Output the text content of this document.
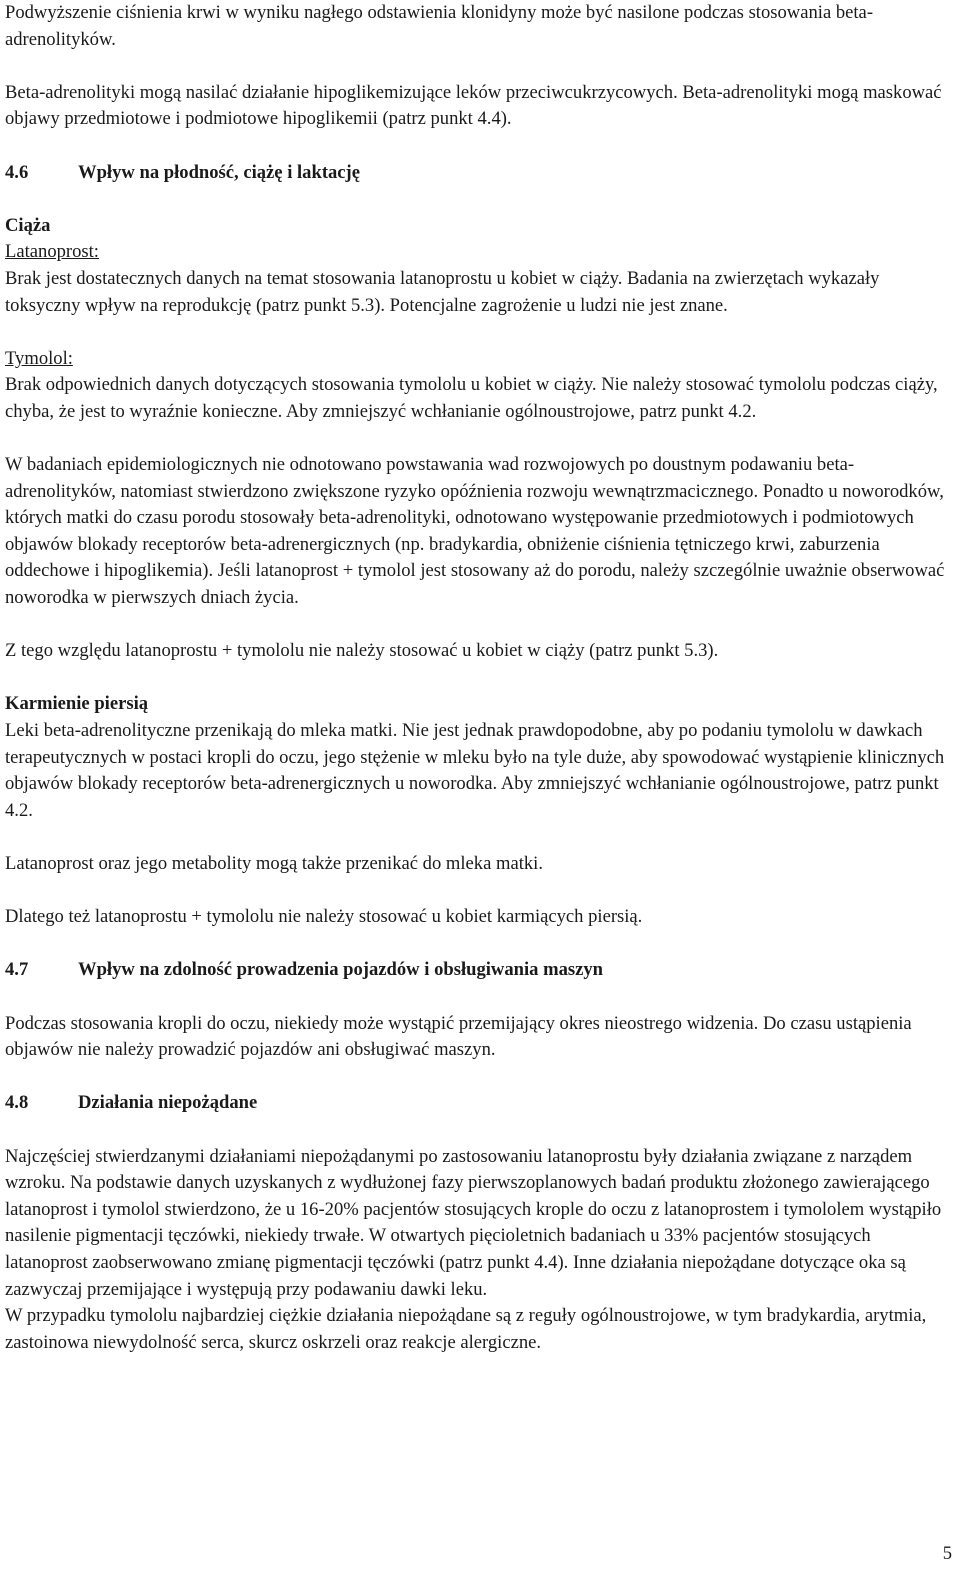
Podwyższenie ciśnienia krwi w wyniku nagłego odstawienia klonidyny może być nasilone podczas stosowania beta-adrenolityków.

Beta-adrenolityki mogą nasilać działanie hipoglikemizujące leków przeciwcukrzycowych. Beta-adrenolityki mogą maskować objawy przedmiotowe i podmiotowe hipoglikemii (patrz punkt 4.4).

4.6	Wpływ na płodność, ciążę i laktację

Ciąża

Latanoprost:

Brak jest dostatecznych danych na temat stosowania latanoprostu u kobiet w ciąży. Badania na zwierzętach wykazały toksyczny wpływ na reprodukcję (patrz punkt 5.3). Potencjalne zagrożenie u ludzi nie jest znane.

Tymolol:

Brak odpowiednich danych dotyczących stosowania tymololu u kobiet w ciąży. Nie należy stosować tymololu podczas ciąży, chyba, że jest to wyraźnie konieczne. Aby zmniejszyć wchłanianie ogólnoustrojowe, patrz punkt 4.2.

W badaniach epidemiologicznych nie odnotowano powstawania wad rozwojowych po doustnym podawaniu beta-adrenolityków, natomiast stwierdzono zwiększone ryzyko opóźnienia rozwoju wewnątrzmacicznego. Ponadto u noworodków, których matki do czasu porodu stosowały beta-adrenolityki, odnotowano występowanie przedmiotowych i podmiotowych objawów blokady receptorów beta-adrenergicznych (np. bradykardia, obniżenie ciśnienia tętniczego krwi, zaburzenia oddechowe i hipoglikemia). Jeśli latanoprost + tymolol jest stosowany aż do porodu, należy szczególnie uważnie obserwować noworodka w pierwszych dniach życia.

Z tego względu latanoprostu + tymololu nie należy stosować u kobiet w ciąży (patrz punkt 5.3).

Karmienie piersią

Leki beta-adrenolityczne przenikają do mleka matki. Nie jest jednak prawdopodobne, aby po podaniu tymololu w dawkach terapeutycznych w postaci kropli do oczu, jego stężenie w mleku było na tyle duże, aby spowodować wystąpienie klinicznych objawów blokady receptorów beta-adrenergicznych u noworodka. Aby zmniejszyć wchłanianie ogólnoustrojowe, patrz punkt 4.2.

Latanoprost oraz jego metabolity mogą także przenikać do mleka matki.

Dlatego też latanoprostu + tymololu nie należy stosować u kobiet karmiących piersią.

4.7	Wpływ na zdolność prowadzenia pojazdów i obsługiwania maszyn

Podczas stosowania kropli do oczu, niekiedy może wystąpić przemijający okres nieostrego widzenia. Do czasu ustąpienia objawów nie należy prowadzić pojazdów ani obsługiwać maszyn.

4.8	Działania niepożądane

Najczęściej stwierdzanymi działaniami niepożądanymi po zastosowaniu latanoprostu były działania związane z narządem wzroku. Na podstawie danych uzyskanych z wydłużonej fazy pierwszoplanowych badań produktu złożonego zawierającego latanoprost i tymolol stwierdzono, że u 16-20% pacjentów stosujących krople do oczu z latanoprostem i tymololem wystąpiło nasilenie pigmentacji tęczówki, niekiedy trwałe. W otwartych pięcioletnich badaniach u 33% pacjentów stosujących latanoprost zaobserwowano zmianę pigmentacji tęczówki (patrz punkt 4.4). Inne działania niepożądane dotyczące oka są zazwyczaj przemijające i występują przy podawaniu dawki leku.

W przypadku tymololu najbardziej ciężkie działania niepożądane są z reguły ogólnoustrojowe, w tym bradykardia, arytmia, zastoinowa niewydolność serca, skurcz oskrzeli oraz reakcje alergiczne.

5
